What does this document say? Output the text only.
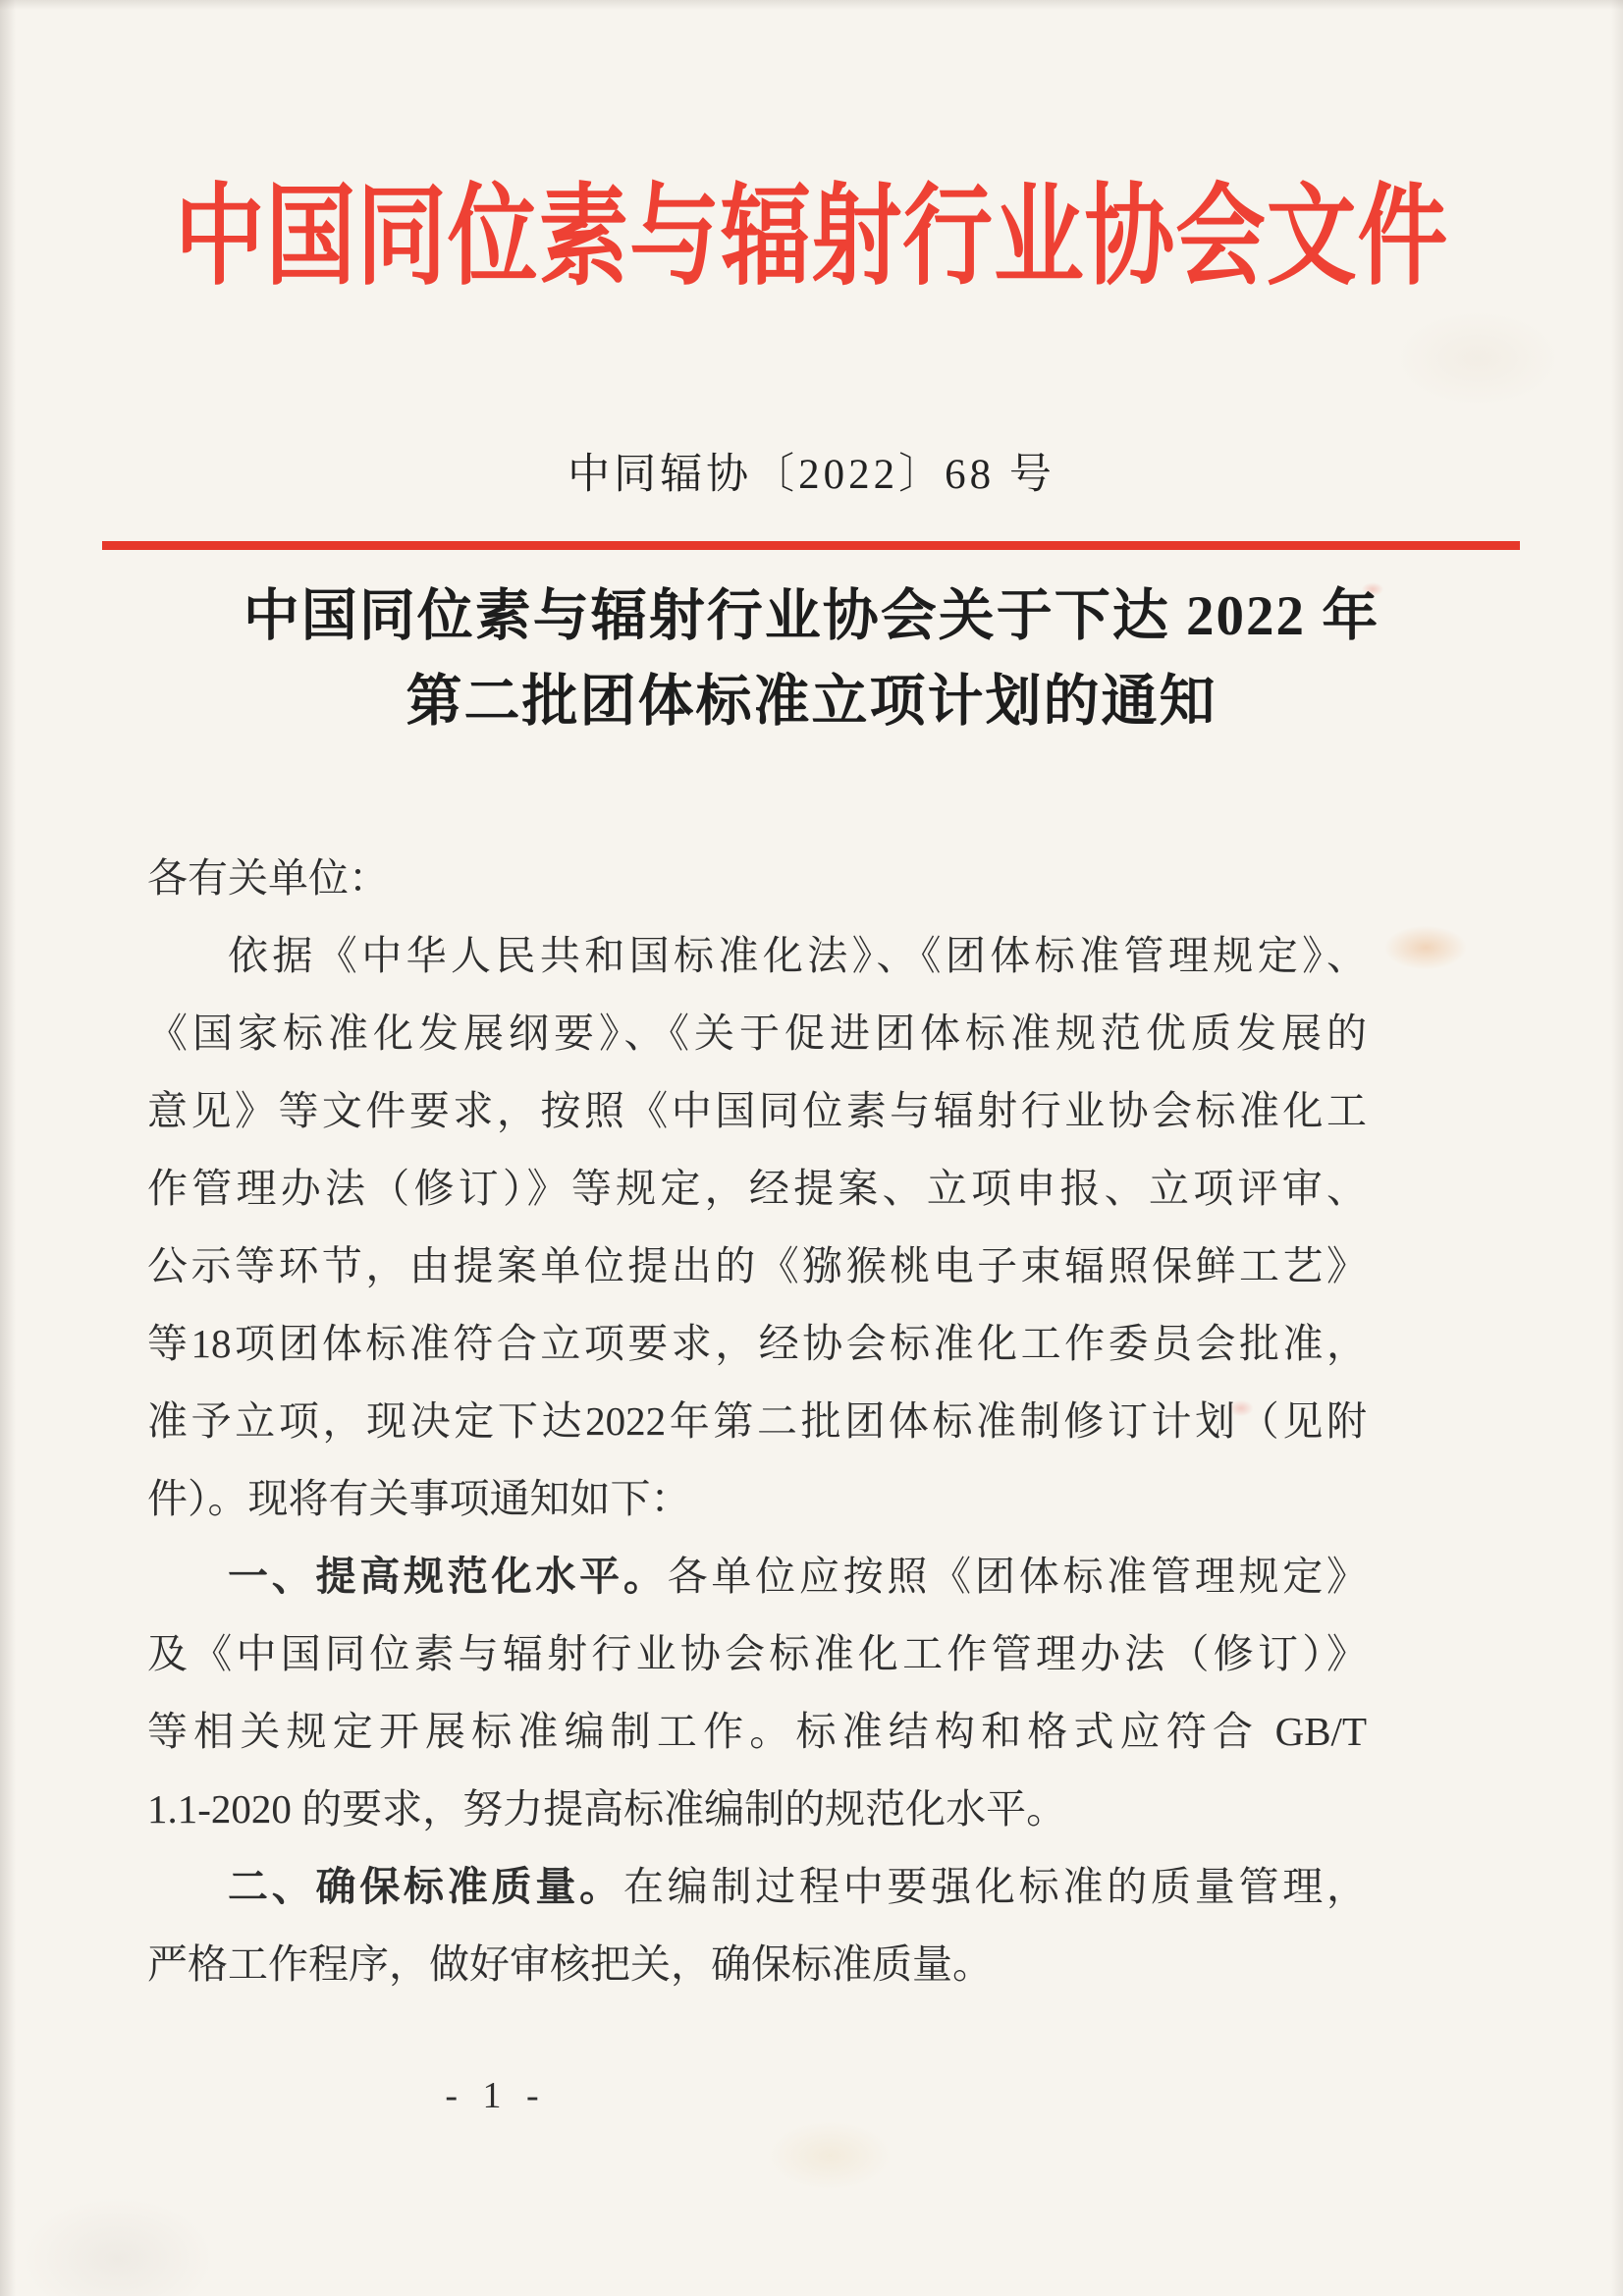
中国同位素与辐射行业协会文件
中同辐协〔2022〕68 号
中国同位素与辐射行业协会关于下达 2022 年
第二批团体标准立项计划的通知
各有关单位：
依据《中华人民共和国标准化法》、《团体标准管理规定》、
《国家标准化发展纲要》、《关于促进团体标准规范优质发展的
意见》等文件要求，按照《中国同位素与辐射行业协会标准化工
作管理办法（修订）》等规定，经提案、立项申报、立项评审、
公示等环节，由提案单位提出的《猕猴桃电子束辐照保鲜工艺》
等18项团体标准符合立项要求，经协会标准化工作委员会批准，
准予立项，现决定下达2022年第二批团体标准制修订计划（见附
件）。现将有关事项通知如下：
一、提高规范化水平。各单位应按照《团体标准管理规定》
及《中国同位素与辐射行业协会标准化工作管理办法（修订）》
等相关规定开展标准编制工作。标准结构和格式应符合 GB/T
1.1-2020 的要求，努力提高标准编制的规范化水平。
二、确保标准质量。在编制过程中要强化标准的质量管理，
严格工作程序，做好审核把关，确保标准质量。
- 1 -
